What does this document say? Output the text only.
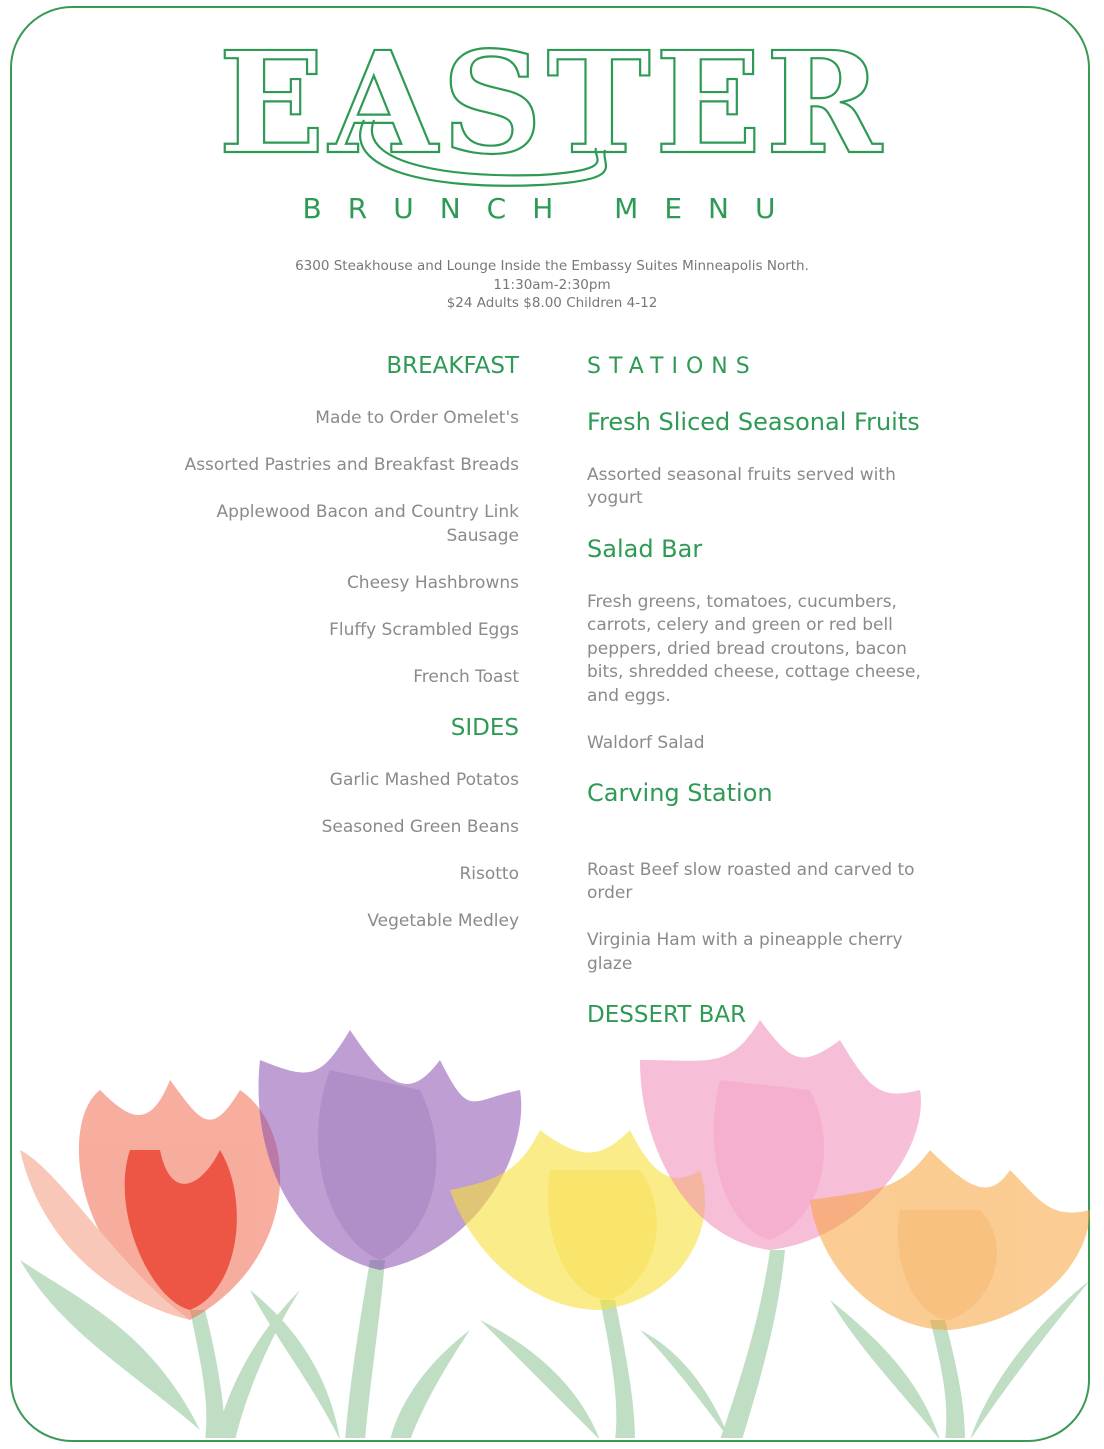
EASTER
BRUNCH MENU
6300 Steakhouse and Lounge Inside the Embassy Suites Minneapolis North.
11:30am-2:30pm
$24 Adults $8.00 Children 4-12
BREAKFAST
Made to Order Omelet's
Assorted Pastries and Breakfast Breads
Applewood Bacon and Country Link
Sausage
Cheesy Hashbrowns
Fluffy Scrambled Eggs
French Toast
SIDES
Garlic Mashed Potatos
Seasoned Green Beans
Risotto
Vegetable Medley
STATIONS
Fresh Sliced Seasonal Fruits
Assorted seasonal fruits served with
yogurt
Salad Bar
Fresh greens, tomatoes, cucumbers,
carrots, celery and green or red bell
peppers, dried bread croutons, bacon
bits, shredded cheese, cottage cheese,
and eggs.
Waldorf Salad
Carving Station
Roast Beef slow roasted and carved to
order
Virginia Ham with a pineapple cherry
glaze
DESSERT BAR
